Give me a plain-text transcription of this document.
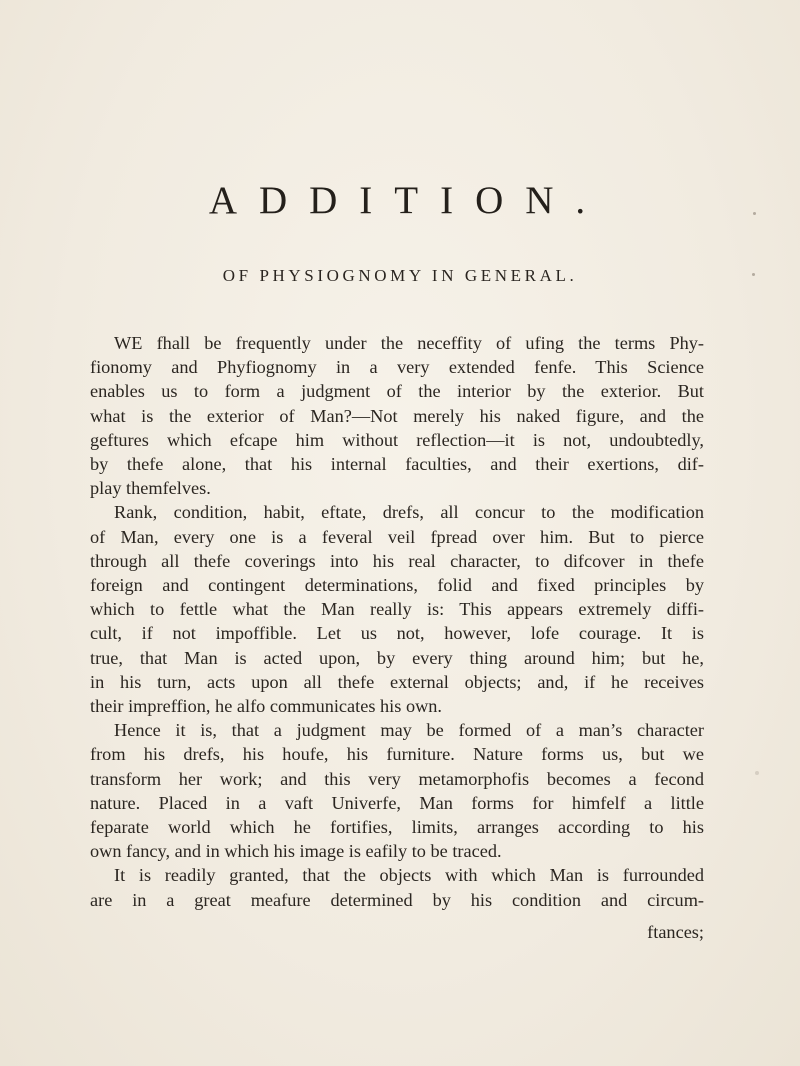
ADDITION.
OF PHYSIOGNOMY IN GENERAL.
WE fhall be frequently under the neceffity of ufing the terms Phy-
fionomy and Phyfiognomy in a very extended fenfe. This Science
enables us to form a judgment of the interior by the exterior. But
what is the exterior of Man?—Not merely his naked figure, and the
geftures which efcape him without reflection—it is not, undoubtedly,
by thefe alone, that his internal faculties, and their exertions, dif-
play themfelves.
Rank, condition, habit, eftate, drefs, all concur to the modification
of Man, every one is a feveral veil fpread over him. But to pierce
through all thefe coverings into his real character, to difcover in thefe
foreign and contingent determinations, folid and fixed principles by
which to fettle what the Man really is: This appears extremely diffi-
cult, if not impoffible. Let us not, however, lofe courage. It is
true, that Man is acted upon, by every thing around him; but he,
in his turn, acts upon all thefe external objects; and, if he receives
their impreffion, he alfo communicates his own.
Hence it is, that a judgment may be formed of a man’s character
from his drefs, his houfe, his furniture. Nature forms us, but we
transform her work; and this very metamorphofis becomes a fecond
nature. Placed in a vaft Univerfe, Man forms for himfelf a little
feparate world which he fortifies, limits, arranges according to his
own fancy, and in which his image is eafily to be traced.
It is readily granted, that the objects with which Man is furrounded
are in a great meafure determined by his condition and circum-
ftances;
